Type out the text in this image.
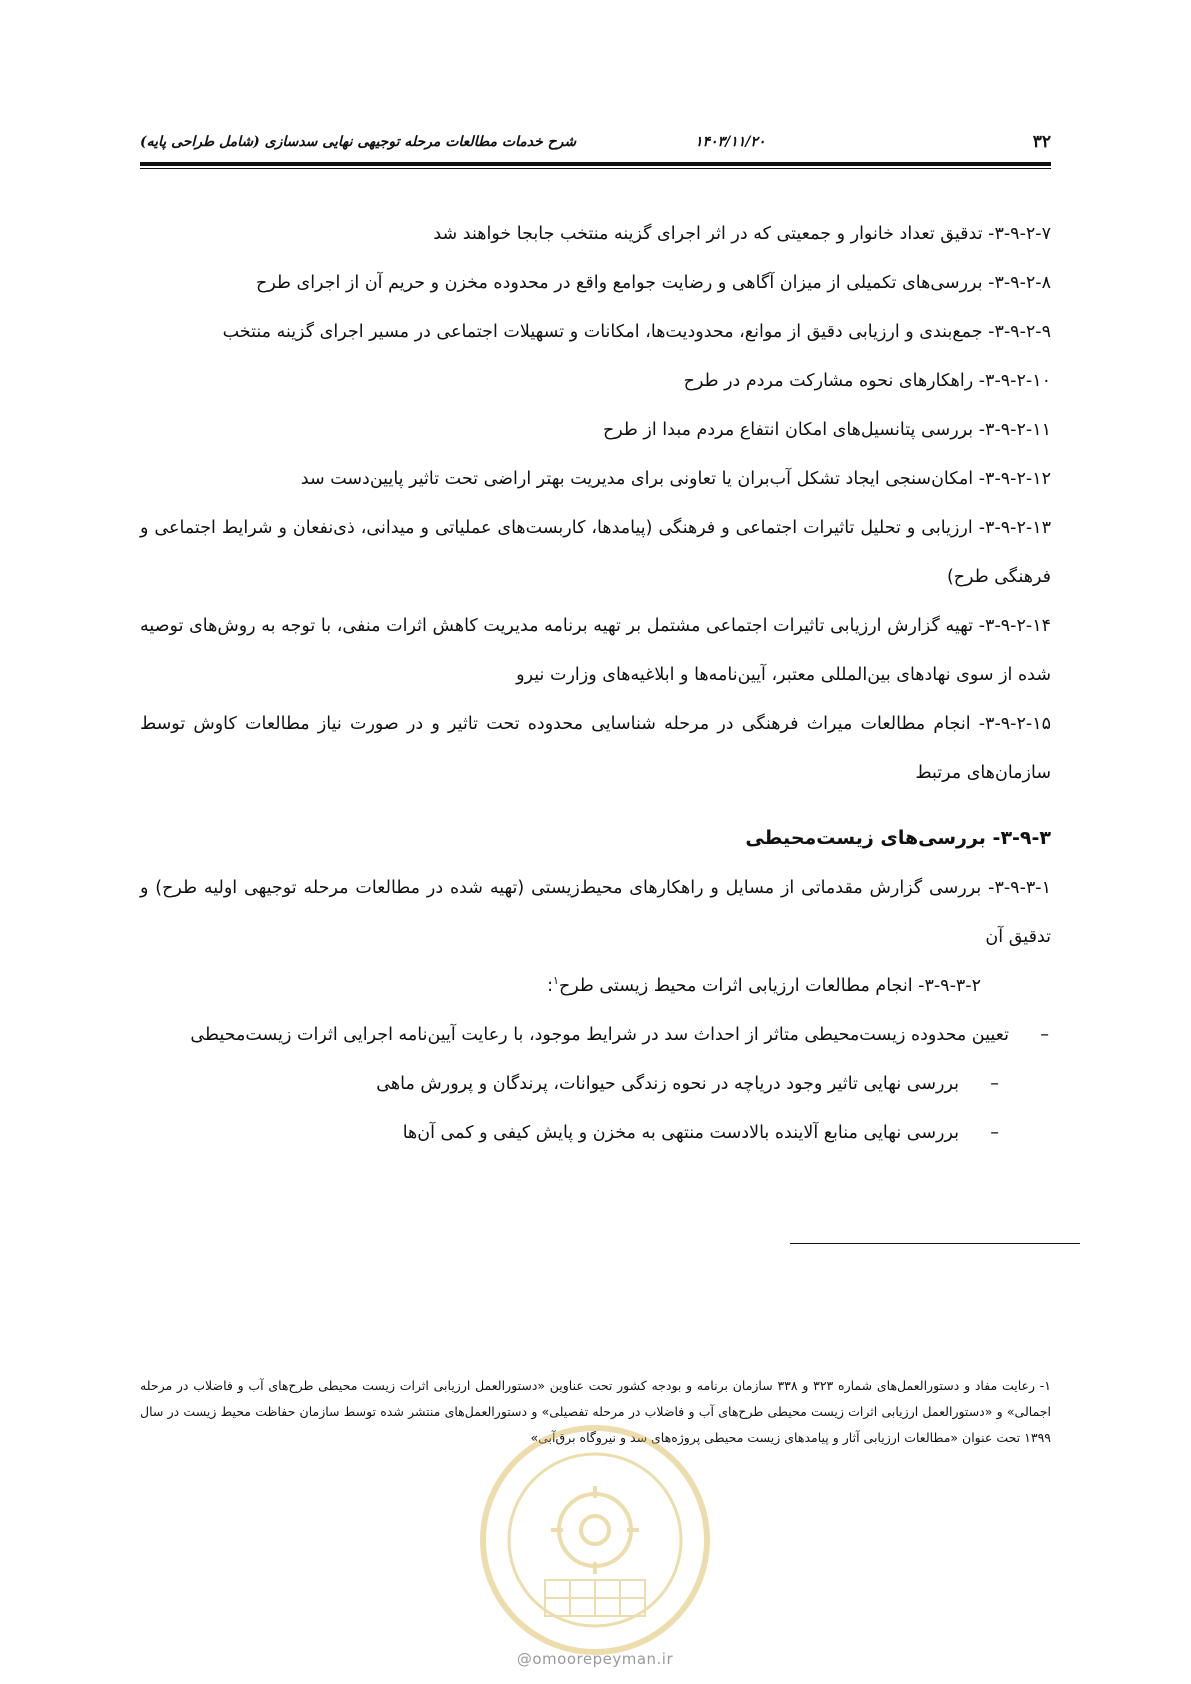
۳۲
۱۴۰۳/۱۱/۲۰
شرح خدمات مطالعات مرحله توجیهی نهایی سدسازی (شامل طراحی پایه)

۳-۹-۲-۷- تدقیق تعداد خانوار و جمعیتی که در اثر اجرای گزینه منتخب جابجا خواهند شد

۳-۹-۲-۸- بررسی‌های تکمیلی از میزان آگاهی و رضایت جوامع واقع در محدوده مخزن و حریم آن از اجرای طرح

۳-۹-۲-۹- جمع‌بندی و ارزیابی دقیق از موانع، محدودیت‌ها، امکانات و تسهیلات اجتماعی در مسیر اجرای گزینه منتخب

۳-۹-۲-۱۰- راهکارهای نحوه مشارکت مردم در طرح

۳-۹-۲-۱۱- بررسی پتانسیل‌های امکان انتفاع مردم مبدا از طرح

۳-۹-۲-۱۲- امکان‌سنجی ایجاد تشکل آب‌بران یا تعاونی برای مدیریت بهتر اراضی تحت تاثیر پایین‌دست سد

۳-۹-۲-۱۳- ارزیابی و تحلیل تاثیرات اجتماعی و فرهنگی (پیامدها، کاربست‌های عملیاتی و میدانی، ذی‌نفعان و شرایط اجتماعی و فرهنگی طرح)

۳-۹-۲-۱۴- تهیه گزارش ارزیابی تاثیرات اجتماعی مشتمل بر تهیه برنامه مدیریت کاهش اثرات منفی، با توجه به روش‌های توصیه شده از سوی نهادهای بین‌المللی معتبر، آیین‌نامه‌ها و ابلاغیه‌های وزارت نیرو

۳-۹-۲-۱۵- انجام مطالعات میراث فرهنگی در مرحله شناسایی محدوده تحت تاثیر و در صورت نیاز مطالعات کاوش توسط سازمان‌های مرتبط

۳-۹-۳- بررسی‌های زیست‌محیطی

۳-۹-۳-۱- بررسی گزارش مقدماتی از مسایل و راهکارهای محیط‌زیستی (تهیه شده در مطالعات مرحله توجیهی اولیه طرح) و تدقیق آن

۳-۹-۳-۲- انجام مطالعات ارزیابی اثرات محیط زیستی طرح$^۱$:

–
تعیین محدوده زیست‌محیطی متاثر از احداث سد در شرایط موجود، با رعایت آیین‌نامه اجرایی اثرات زیست‌محیطی

–
بررسی نهایی تاثیر وجود دریاچه در نحوه زندگی حیوانات، پرندگان و پرورش ماهی

–
بررسی نهایی منابع آلاینده بالادست منتهی به مخزن و پایش کیفی و کمی آن‌ها

۱- رعایت مفاد و دستورالعمل‌های شماره ۳۲۳ و ۳۳۸ سازمان برنامه و بودجه کشور تحت عناوین «دستورالعمل ارزیابی اثرات زیست محیطی طرح‌های آب و فاضلاب در مرحله اجمالی» و «دستورالعمل ارزیابی اثرات زیست محیطی طرح‌های آب و فاضلاب در مرحله تفصیلی» و دستورالعمل‌های منتشر شده توسط سازمان حفاظت محیط زیست در سال ۱۳۹۹ تحت عنوان «مطالعات ارزیابی آثار و پیامدهای زیست محیطی پروژه‌های سد و نیروگاه برق‌آبی»

@omoorepeyman.ir
